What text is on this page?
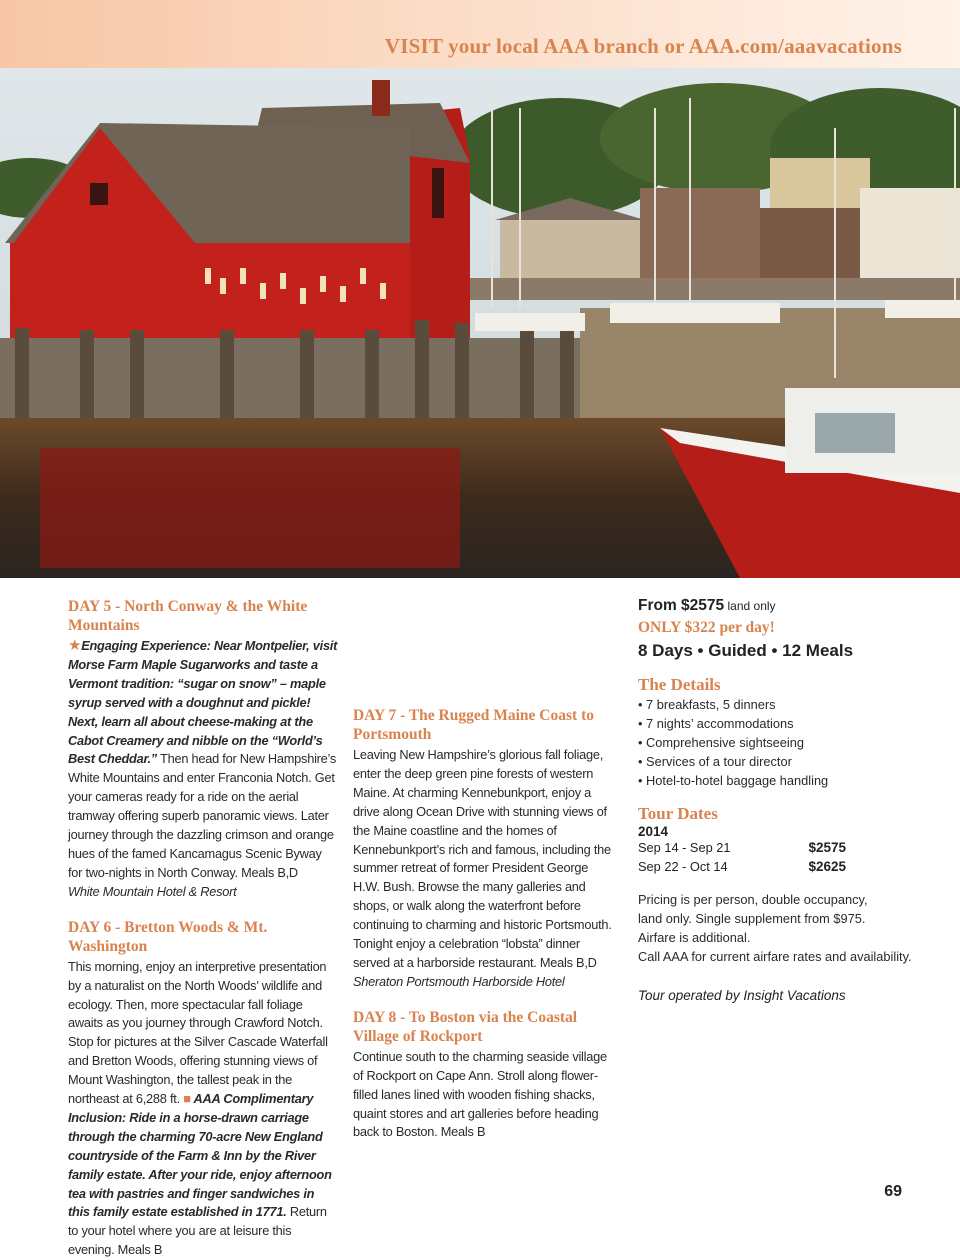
VISIT your local AAA branch or AAA.com/aaavacations
DAY 5 - North Conway & the White Mountains
★Engaging Experience: Near Montpelier, visit Morse Farm Maple Sugarworks and taste a Vermont tradition: “sugar on snow” – maple syrup served with a doughnut and pickle! Next, learn all about cheese-making at the Cabot Creamery and nibble on the “World’s Best Cheddar.” Then head for New Hampshire’s White Mountains and enter Franconia Notch. Get your cameras ready for a ride on the aerial tramway offering superb panoramic views. Later journey through the dazzling crimson and orange hues of the famed Kancamagus Scenic Byway for two-nights in North Conway. Meals B,D
White Mountain Hotel & Resort
DAY 6 - Bretton Woods & Mt. Washington
This morning, enjoy an interpretive presentation by a naturalist on the North Woods’ wildlife and ecology. Then, more spectacular fall foliage awaits as you journey through Crawford Notch. Stop for pictures at the Silver Cascade Waterfall and Bretton Woods, offering stunning views of Mount Washington, the tallest peak in the northeast at 6,288 ft. ■ AAA Complimentary Inclusion: Ride in a horse-drawn carriage through the charming 70-acre New England countryside of the Farm & Inn by the River family estate. After your ride, enjoy afternoon tea with pastries and finger sandwiches in this family estate established in 1771. Return to your hotel where you are at leisure this evening. Meals B
DAY 7 - The Rugged Maine Coast to Portsmouth
Leaving New Hampshire’s glorious fall foliage, enter the deep green pine forests of western Maine. At charming Kennebunkport, enjoy a drive along Ocean Drive with stunning views of the Maine coastline and the homes of Kennebunkport’s rich and famous, including the summer retreat of former President George H.W. Bush. Browse the many galleries and shops, or walk along the waterfront before continuing to charming and historic Portsmouth. Tonight enjoy a celebration “lobsta” dinner served at a harborside restaurant. Meals B,D
Sheraton Portsmouth Harborside Hotel
DAY 8 - To Boston via the Coastal Village of Rockport
Continue south to the charming seaside village of Rockport on Cape Ann. Stroll along flower-filled lanes lined with wooden fishing shacks, quaint stores and art galleries before heading back to Boston. Meals B
From $2575 land only
ONLY $322 per day!
8 Days • Guided • 12 Meals
The Details
• 7 breakfasts, 5 dinners
• 7 nights’ accommodations
• Comprehensive sightseeing
• Services of a tour director
• Hotel-to-hotel baggage handling
Tour Dates
2014
Sep 14 - Sep 21	$2575
Sep 22 - Oct 14	$2625
Pricing is per person, double occupancy,
land only. Single supplement from $975.
Airfare is additional.
Call AAA for current airfare rates and availability.
Tour operated by Insight Vacations
69
